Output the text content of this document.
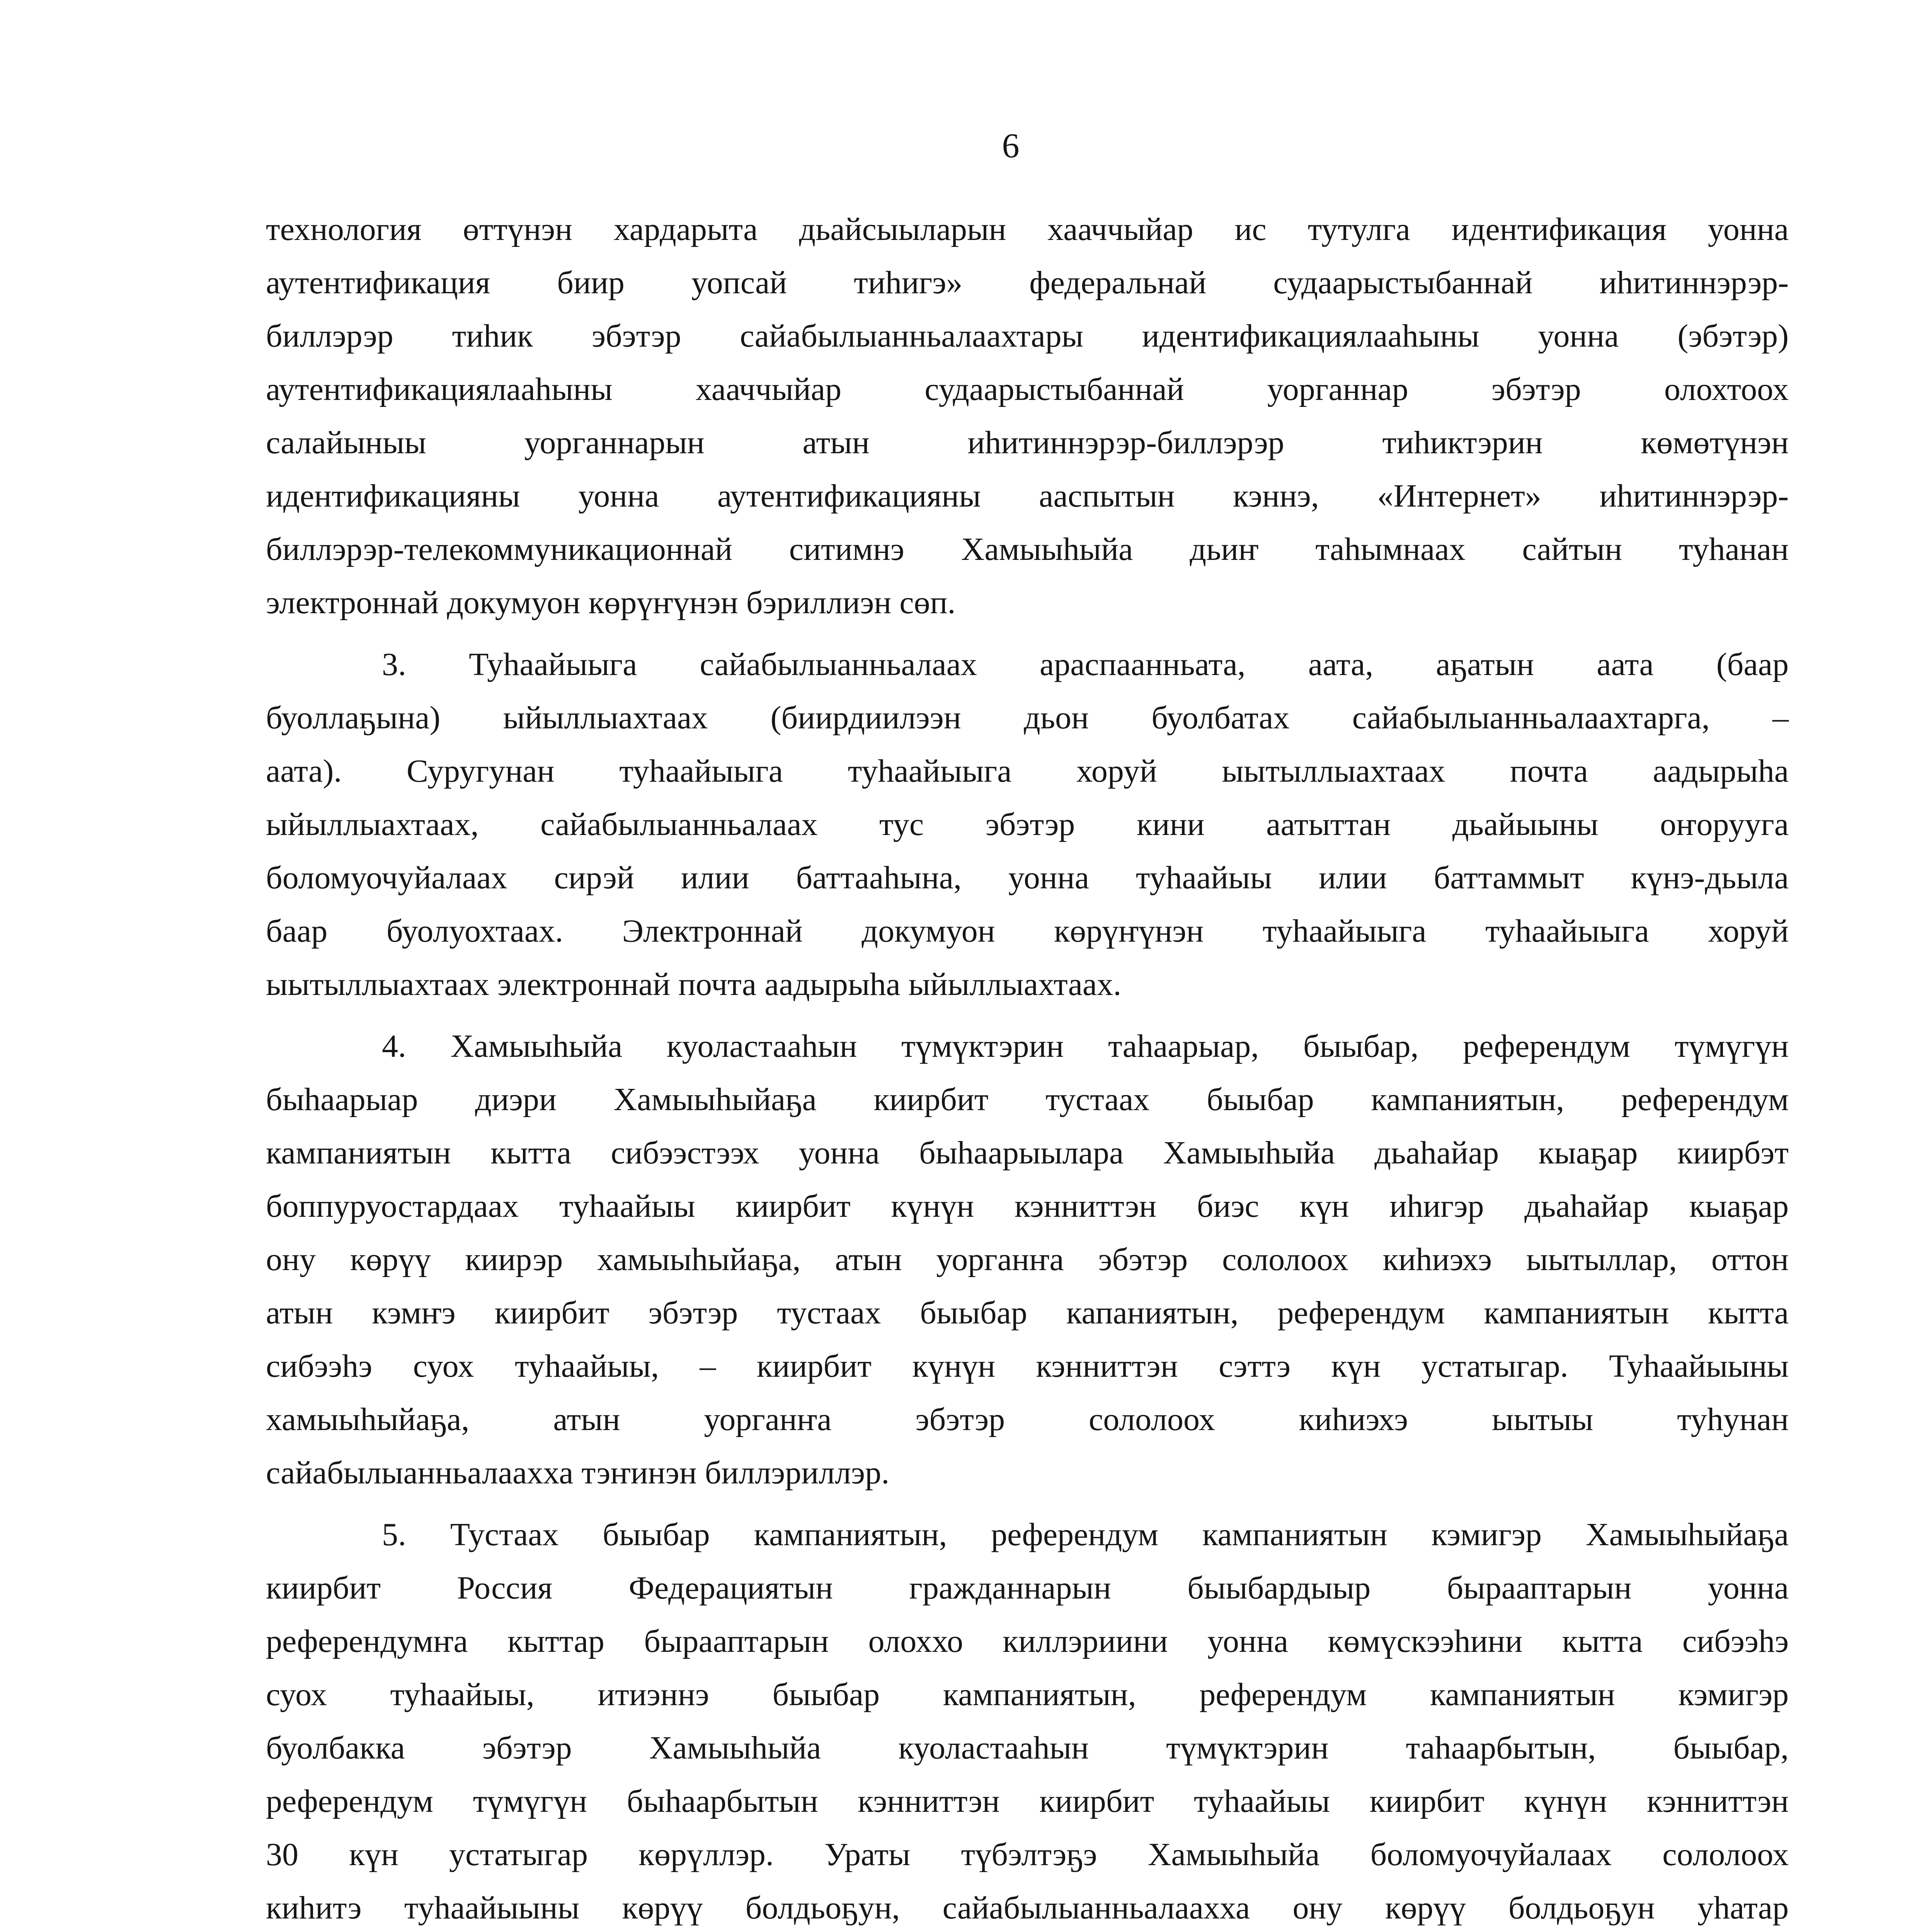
6
технология өттүнэн хардарыта дьайсыыларын хааччыйар ис тутулга идентификация уонна
аутентификация биир уопсай тиһигэ» федеральнай судаарыстыбаннай иһитиннэрэр-
биллэрэр тиһик эбэтэр сайабылыанньалаахтары идентификациялааһыны уонна (эбэтэр)
аутентификациялааһыны хааччыйар судаарыстыбаннай уорганнар эбэтэр олохтоох
салайыныы уорганнарын атын иһитиннэрэр-биллэрэр тиһиктэрин көмөтүнэн
идентификацияны уонна аутентификацияны ааспытын кэннэ, «Интернет» иһитиннэрэр-
биллэрэр-телекоммуникационнай ситимнэ Хамыыһыйа дьиҥ таһымнаах сайтын туһанан
электроннай докумуон көрүҥүнэн бэриллиэн сөп.
3. Туһаайыыга сайабылыанньалаах араспаанньата, аата, аҕатын аата (баар
буоллаҕына) ыйыллыахтаах (биирдиилээн дьон буолбатах сайабылыанньалаахтарга, –
аата). Суругунан туһаайыыга туһаайыыга хоруй ыытыллыахтаах почта аадырыһа
ыйыллыахтаах, сайабылыанньалаах тус эбэтэр кини аатыттан дьайыыны оҥоруугa
боломуочуйалаах сирэй илии баттааһына, уонна туһаайыы илии баттаммыт күнэ-дьыла
баар буолуохтаах. Электроннай докумуон көрүҥүнэн туһаайыыга туһаайыыга хоруй
ыытыллыахтаах электроннай почта аадырыһа ыйыллыахтаах.
4. Хамыыһыйа куоластааһын түмүктэрин таһаарыар, быыбар, референдум түмүгүн
быһаарыар диэри Хамыыһыйаҕа киирбит тустаах быыбар кампаниятын, референдум
кампаниятын кытта сибээстээх уонна быһаарыылара Хамыыһыйа дьаһайар кыаҕар киирбэт
боппуруостардаах туһаайыы киирбит күнүн кэнниттэн биэс күн иһигэр дьаһайар кыаҕар
ону көрүү киирэр хамыыһыйаҕа, атын уорганҥа эбэтэр сололоох киһиэхэ ыытыллар, оттон
атын кэмҥэ киирбит эбэтэр тустаах быыбар капаниятын, референдум кампаниятын кытта
сибээһэ суох туһаайыы, – киирбит күнүн кэнниттэн сэттэ күн устатыгар. Туһаайыыны
хамыыһыйаҕа, атын уорганҥа эбэтэр сололоох киһиэхэ ыытыы туһунан
сайабылыанньалаахха тэҥинэн биллэриллэр.
5. Тустаах быыбар кампаниятын, референдум кампаниятын кэмигэр Хамыыһыйаҕа
киирбит Россия Федерациятын гражданнарын быыбардыыр бырааптарын уонна
референдумҥа кыттар бырааптарын олоххо киллэриини уонна көмүскээһини кытта сибээһэ
суох туһаайыы, итиэннэ быыбар кампаниятын, референдум кампаниятын кэмигэр
буолбакка эбэтэр Хамыыһыйа куоластааһын түмүктэрин таһаарбытын, быыбар,
референдум түмүгүн быһаарбытын кэнниттэн киирбит туһаайыы киирбит күнүн кэнниттэн
30 күн устатыгар көрүллэр. Ураты түбэлтэҕэ Хамыыһыйа боломуочуйалаах сололоох
киһитэ туһаайыыны көрүү болдьоҕун, сайабылыанньалаахха ону көрүү болдьоҕун уһатар
